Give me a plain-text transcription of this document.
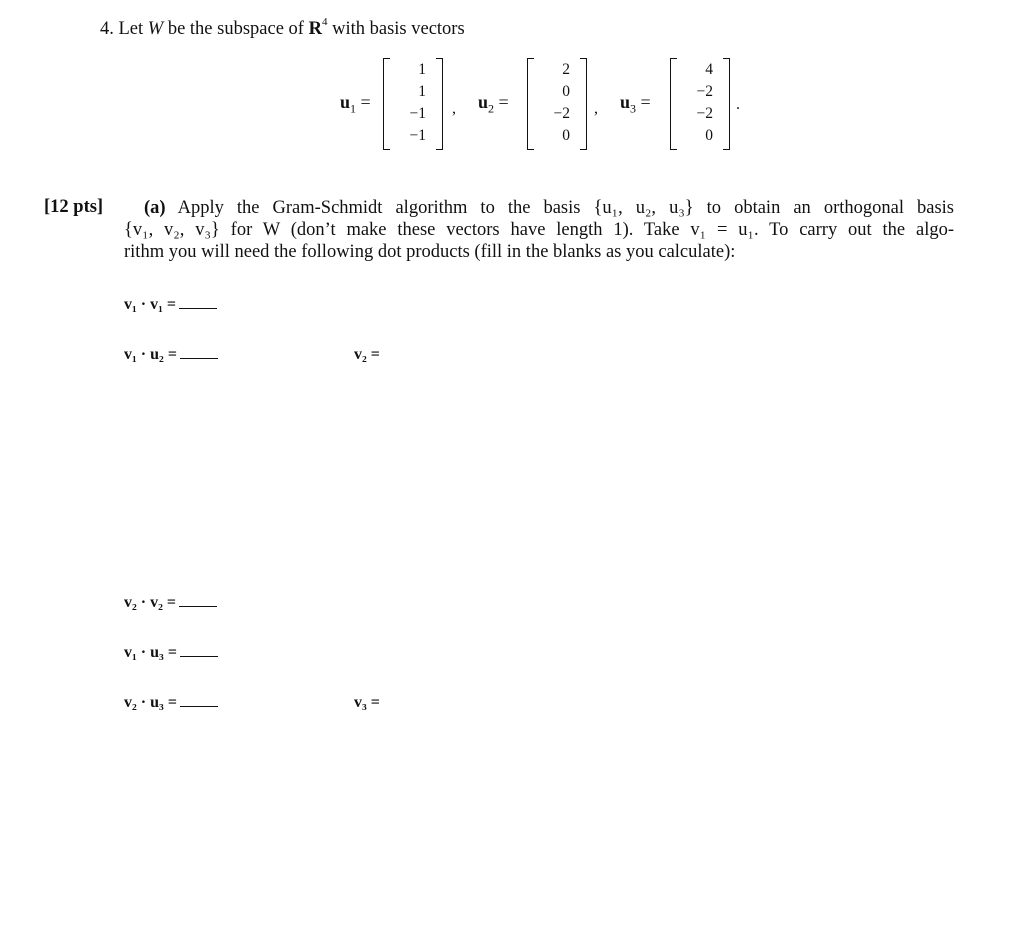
4. Let W be the subspace of $R^4$ with basis vectors
$u_1$ =
1
1
−1
−1
, $u_2$ =
2
0
−2
0
, $u_3$ =
4
−2
−2
0
.
[12 pts] (a) Apply the Gram-Schmidt algorithm to the basis {u₁, u₂, u₃} to obtain an orthogonal basis
{v₁, v₂, v₃} for W (don’t make these vectors have length 1). Take v₁ = u₁. To carry out the algo-
rithm you will need the following dot products (fill in the blanks as you calculate):
v₁ · v₁ =
v₁ · u₂ =	v₂ =
v₂ · v₂ =
v₁ · u₃ =
v₂ · u₃ =	v₃ =
